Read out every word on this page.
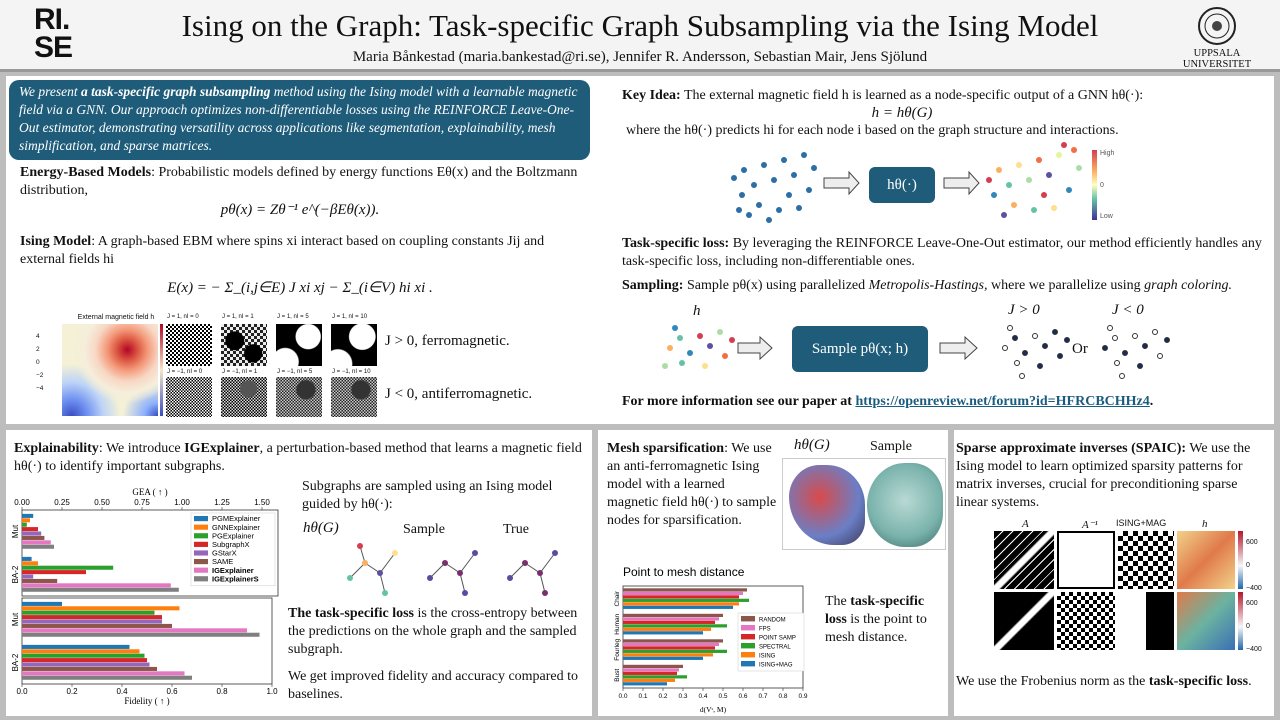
RI.
SE
Ising on the Graph: Task-specific Graph Subsampling via the Ising Model
Maria Bånkestad (maria.bankestad@ri.se), Jennifer R. Andersson, Sebastian Mair, Jens Sjölund	UPPSALA
UNIVERSITET
We present a task-specific graph subsampling method using the Ising model with a learnable magnetic field via a GNN. Our approach optimizes non-differentiable losses using the REINFORCE Leave-One-Out estimator, demonstrating versatility across applications like segmentation, explainability, mesh simplification, and sparse matrices.
Energy-Based Models: Probabilistic models defined by energy functions Eθ(x) and the Boltzmann distribution,
pθ(x) = Zθ⁻¹ e^(−βEθ(x)).
Ising Model: A graph-based EBM where spins xi interact based on coupling constants Jij and external fields hi
E(x) = − Σ_(i,j∈E) J xi xj − Σ_(i∈V) hi xi .
External magnetic field h
4
2
0
−2
−4
J = 1, nI = 0	J = 1, nI = 1	J = 1, nI = 5	J = 1, nI = 10
J = −1, nI = 0	J = −1, nI = 1	J = −1, nI = 5	J = −1, nI = 10
J > 0, ferromagnetic.
J < 0, antiferromagnetic.
Key Idea: The external magnetic field h is learned as a node-specific output of a GNN hθ(·):
h = hθ(G)
where the hθ(·) predicts hi for each node i based on the graph structure and interactions.
hθ(·)
High
0
Low
Task-specific loss: By leveraging the REINFORCE Leave-One-Out estimator, our method efficiently handles any task-specific loss, including non-differentiable ones.
Sampling: Sample pθ(x) using parallelized Metropolis-Hastings, where we parallelize using graph coloring.
h
Sample pθ(x; h)
J > 0	J < 0
Or
For more information see our paper at https://openreview.net/forum?id=HFRCBCHHz4.
Explainability: We introduce IGExplainer, a perturbation-based method that learns a magnetic field hθ(·) to identify important subgraphs.
0.00	0.25	0.50	0.75	1.00	1.25	1.50
GEA ( ↑ )
Mut
BA-2
PGMExplainer
GNNExplainer
PGExplainer
SubgraphX
GStarX
SAME
IGExplainer
IGExplainerS
0.0	0.2	0.4	0.6	0.8	1.0
Fidelity ( ↑ )
Mut
BA-2
Subgraphs are sampled using an Ising model guided by hθ(·):
hθ(G)	Sample	True
The task-specific loss is the cross-entropy between the predictions on the whole graph and the sampled subgraph.
We get improved fidelity and accuracy compared to baselines.
Mesh sparsification: We use an anti-ferromagnetic Ising model with a learned magnetic field hθ(·) to sample nodes for sparsification.
hθ(G)	Sample
0.0 0.1 0.2 0.3 0.4 0.5 0.6 0.7 0.8 0.9
d(Vˢ, M)
Chair
Human
Fourleg
Bust
RANDOM
FPS
POINT SAMP
SPECTRAL
ISING
ISING+MAG
Point to mesh distance
The task-specific loss is the point to mesh distance.
Sparse approximate inverses (SPAIC): We use the Ising model to learn optimized sparsity patterns for matrix inverses, crucial for preconditioning sparse linear systems.
A	A⁻¹ ISING+MAG	h
600
0
−400
600
0
−400
We use the Frobenius norm as the task-specific loss.
